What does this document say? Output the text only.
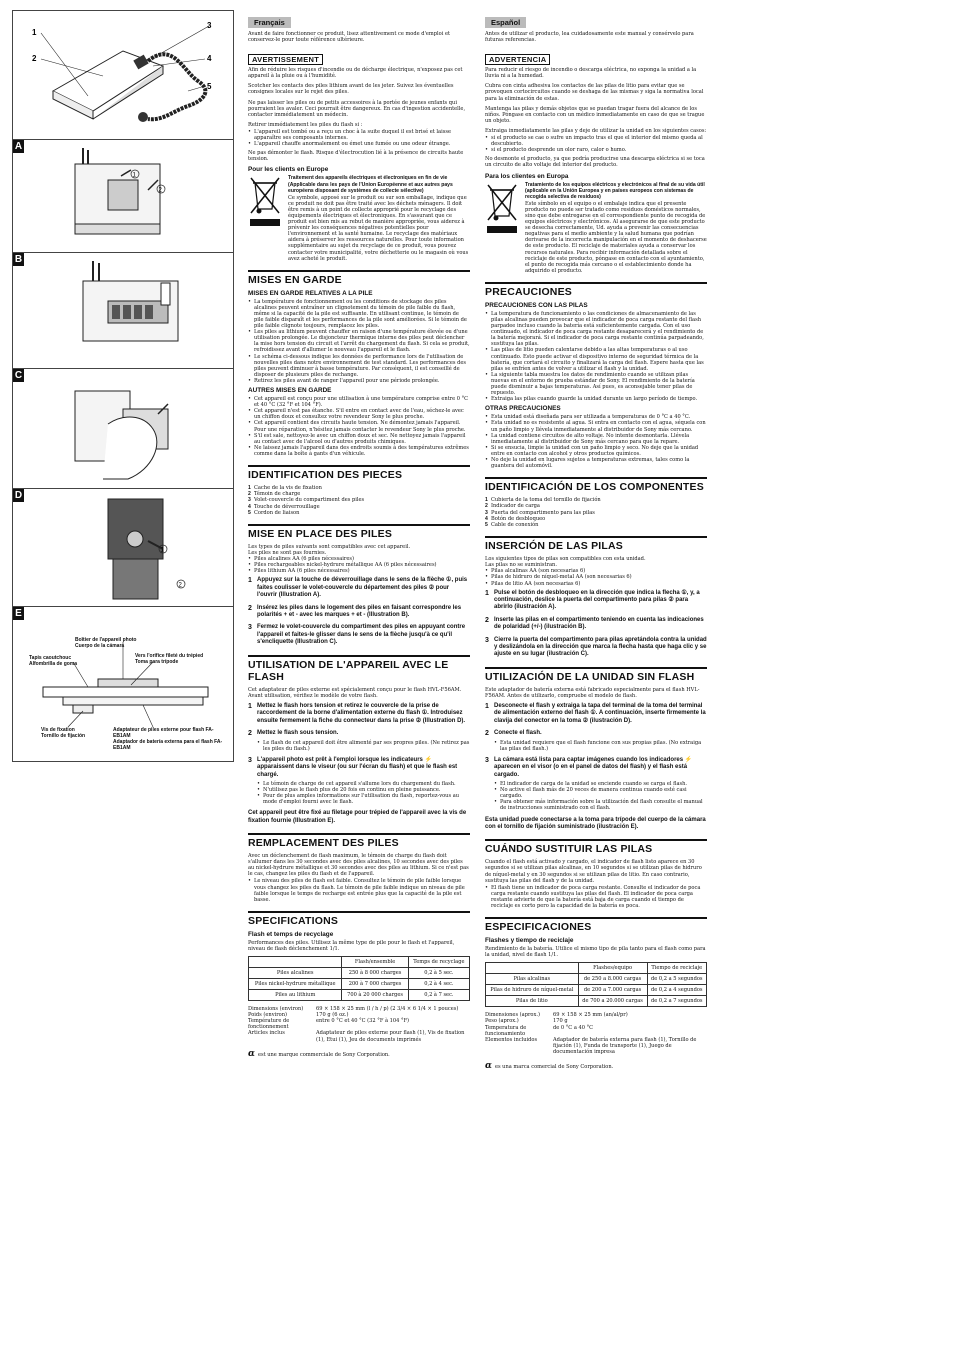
1
2
3
4
5
A
1
2
B
C
D
1
2
E
Boîtier de l'appareil photo
Cuerpo de la cámara
Tapis caoutchouc
Alfombrilla de goma
Vers l'orifice fileté du trépied
Toma para trípode
Vis de fixation
Tornillo de fijación
Adaptateur de piles externe pour flash FA-EB1AM
Adaptador de batería externa para el flash FA-EB1AM
Français

Avant de faire fonctionner ce produit, lisez attentivement ce mode d'emploi et conservez-le pour toute référence ultérieure.

AVERTISSEMENT

Afin de réduire les risques d'incendie ou de décharge électrique, n'exposez pas cet appareil à la pluie ou à l'humidité.

Scotcher les contacts des piles lithium avant de les jeter. Suivez les éventuelles consignes locales sur le rejet des piles.

Ne pas laisser les piles ou de petits accessoires à la portée de jeunes enfants qui pourraient les avaler. Ceci pourrait être dangereux. En cas d'ingestion accidentelle, contacter immédiatement un médecin.

Retirer immédiatement les piles du flash si :

• L'appareil est tombé ou a reçu un choc à la suite duquel il est brisé et laisse apparaître ses composants internes.
• L'appareil chauffe anormalement ou émet une fumée ou une odeur étrange.

Ne pas démonter le flash. Risque d'électrocution lié à la présence de circuits haute tension.

Pour les clients en Europe

Traitement des appareils électriques et électroniques en fin de vie (Applicable dans les pays de l'Union Européenne et aux autres pays européens disposant de systèmes de collecte sélective)

Ce symbole, apposé sur le produit ou sur son emballage, indique que ce produit ne doit pas être traité avec les déchets ménagers. Il doit être remis à un point de collecte approprié pour le recyclage des équipements électriques et électroniques. En s'assurant que ce produit est bien mis au rebut de manière appropriée, vous aiderez à prévenir les conséquences négatives potentielles pour l'environnement et la santé humaine. Le recyclage des matériaux aidera à préserver les ressources naturelles. Pour toute information supplémentaire au sujet du recyclage de ce produit, vous pouvez contacter votre municipalité, votre déchetterie ou le magasin où vous avez acheté le produit.

MISES EN GARDE
MISES EN GARDE RELATIVES A LA PILE
• La température de fonctionnement ou les conditions de stockage des piles alcalines peuvent entraîner un clignotement du témoin de pile faible du flash, même si la capacité de la pile est suffisante. En utilisant continue, le témoin de pile faible disparaît et les performances de la pile sont améliorées. Si le témoin de pile faible clignote toujours, remplacez les piles.
• Les piles au lithium peuvent chauffer en raison d'une température élevée ou d'une utilisation prolongée. Le disjoncteur thermique interne des piles peut déclencher la mise hors tension du circuit et l'arrêt du chargement du flash. Si cela se produit, refroidissez avant d'allumer le nouveau l'appareil et le flash.
• Le schéma ci-dessous indique les données de performance lors de l'utilisation de nouvelles piles dans notre environnement de test standard. Les performances des piles peuvent diminuer à basse température. Par conséquent, il est conseillé de disposer de plusieurs piles de rechange.
• Retirez les piles avant de ranger l'appareil pour une période prolongée.
AUTRES MISES EN GARDE
• Cet appareil est conçu pour une utilisation à une température comprise entre 0 °C et 40 °C (32 °F et 104 °F).
• Cet appareil n'est pas étanche. S'il entre en contact avec de l'eau, séchez-le avec un chiffon doux et consultez votre revendeur Sony le plus proche.
• Cet appareil contient des circuits haute tension. Ne démontez jamais l'appareil. Pour une réparation, n'hésitez jamais contacter le revendeur Sony le plus proche.
• S'il est sale, nettoyez-le avec un chiffon doux et sec. Ne nettoyez jamais l'appareil au contact avec de l'alcool ou d'autres produits chimiques.
• Ne laissez jamais l'appareil dans des endroits soumis à des températures extrêmes comme dans la boîte à gants d'un véhicule.
IDENTIFICATION DES PIECES
1 Cache de la vis de fixation
2 Témoin de charge
3 Volet-couvercle du compartiment des piles
4 Touche de déverrouillage
5 Cordon de liaison
MISE EN PLACE DES PILES

Les types de piles suivants sont compatibles avec cet appareil.

Les piles ne sont pas fournies.

• Piles alcalines AA (6 piles nécessaires)
• Piles rechargeables nickel-hydrure métallique AA (6 piles nécessaires)
• Piles lithium AA (6 piles nécessaires)
1 Appuyez sur la touche de déverrouillage dans le sens de la flèche ①, puis faites coulisser le volet-couvercle du département des piles ② pour l'ouvrir (Illustration A).
2 Insérez les piles dans le logement des piles en faisant correspondre les polarités + et - avec les marques + et - (Illustration B).
3 Fermez le volet-couvercle du compartiment des piles en appuyant contre l'appareil et faites-le glisser dans le sens de la flèche jusqu'à ce qu'il s'encliquette (Illustration C).
UTILISATION DE L'APPAREIL AVEC LE FLASH

Cet adaptateur de piles externe est spécialement conçu pour le flash HVL-F56AM. Avant utilisation, vérifiez le modèle de votre flash.

1 Mettez le flash hors tension et retirez le couvercle de la prise de raccordement de la borne d'alimentation externe du flash ①. Introduisez ensuite fermement la fiche du connecteur dans la prise ② (Illustration D).
2 Mettez le flash sous tension.
• Le flash de cet appareil doit être alimenté par ses propres piles. (Ne retirez pas les piles du flash.)
3 L'appareil photo est prêt à l'emploi lorsque les indicateurs ⚡ apparaissent dans le viseur (ou sur l'écran du flash) et que le flash est chargé.
• Le témoin de charge de cet appareil s'allume lors du chargement du flash.
• N'utilisez pas le flash plus de 20 fois en continu en pleine puissance.
• Pour de plus amples informations sur l'utilisation du flash, reportez-vous au mode d'emploi fourni avec le flash.
Cet appareil peut être fixé au filetage pour trépied de l'appareil avec la vis de fixation fournie (Illustration E).
REMPLACEMENT DES PILES

Avec un déclenchement de flash maximum, le témoin de charge du flash doit s'allumer dans les 30 secondes avec des piles alcalines, 10 secondes avec des piles au nickel-hydrure métallique et 30 secondes avec des piles au lithium. Si ce n'est pas le cas, changez les piles du flash et de l'appareil.

• Le niveau des piles de flash est faible. Consultez le témoin de pile faible lorsque vous changez les piles du flash. Le témoin de pile faible indique un niveau de pile faible lorsque le temps de recharge est entrée plus que la capacité de la pile est basse.
SPECIFICATIONS
Flash et temps de recyclage

Performances des piles. Utilisez la même type de pile pour le flash et l'appareil, niveau de flash déclenchement 1/1.

	Flash/ensemble	Temps de recyclage
Piles alcalines	250 à 8 000 charges	0,2 à 5 sec.
Piles nickel-hydrure métallique	200 à 7 000 charges	0,2 à 4 sec.
Piles au lithium	700 à 20 000 charges	0,2 à 7 sec.
Dimensions (environ)	69 × 158 × 25 mm (l / h / p) (2 3/4 × 6 1/4 × 1 pouces)
Poids (environ)	170 g (6 oz.)
Température de fonctionnement
entre 0 °C et 40 °C (32 °F à 104 °F)
Articles inclus	Adaptateur de piles externe pour flash (1), Vis de fixation (1), Etui (1), Jeu de documents imprimés
αest une marque commerciale de Sony Corporation.
Español

Antes de utilizar el producto, lea cuidadosamente este manual y consérvelo para futuras referencias.

ADVERTENCIA

Para reducir el riesgo de incendio o descarga eléctrica, no exponga la unidad a la lluvia ni a la humedad.

Cubra con cinta adhesiva los contactos de las pilas de litio para evitar que se provoquen cortocircuitos cuando se deshaga de las mismas y siga la normativa local para la eliminación de estas.

Mantenga las pilas y demás objetos que se puedan tragar fuera del alcance de los niños. Póngase en contacto con un médico inmediatamente en caso de que se trague un objeto.

Extraiga inmediatamente las pilas y deje de utilizar la unidad en los siguientes casos:

• si el producto se cae o sufre un impacto tras el que el interior del mismo queda al descubierto.
• si el producto desprende un olor raro, calor o humo.

No desmonte el producto, ya que podría producirse una descarga eléctrica si se toca un circuito de alto voltaje del interior del producto.

Para los clientes en Europa

Tratamiento de los equipos eléctricos y electrónicos al final de su vida útil (aplicable en la Unión Europea y en países europeos con sistemas de recogida selectiva de residuos)

Este símbolo en el equipo o el embalaje indica que el presente producto no puede ser tratado como residuos domésticos normales, sino que debe entregarse en el correspondiente punto de recogida de equipos eléctricos y electrónicos. Al asegurarse de que este producto se desecha correctamente, Ud. ayuda a prevenir las consecuencias negativas para el medio ambiente y la salud humana que podrían derivarse de la incorrecta manipulación en el momento de deshacerse de este producto. El reciclaje de materiales ayuda a conservar los recursos naturales. Para recibir información detallada sobre el reciclaje de este producto, póngase en contacto con el ayuntamiento, el punto de recogida más cercano o el establecimiento donde ha adquirido el producto.

PRECAUCIONES
PRECAUCIONES CON LAS PILAS
• La temperatura de funcionamiento o las condiciones de almacenamiento de las pilas alcalinas pueden provocar que el indicador de poca carga restante del flash parpadee incluso cuando la batería está suficientemente cargada. Con el uso continuado, el indicador de poca carga restante desaparecerá y el rendimiento de la batería mejorará. Si el indicador de poca carga restante continúa parpadeando, sustituya las pilas.
• Las pilas de litio pueden calentarse debido a las altas temperaturas o al uso continuado. Esto puede activar el dispositivo interno de seguridad térmica de la batería, que cortará el circuito y finalizará la carga del flash. Espere hasta que las pilas se enfríen antes de volver a utilizar el flash y la unidad.
• La siguiente tabla muestra los datos de rendimiento cuando se utilizan pilas nuevas en el entorno de prueba estándar de Sony. El rendimiento de la batería puede disminuir a bajas temperaturas. Así pues, es aconsejable tener pilas de repuesto.
• Extraiga las pilas cuando guarde la unidad durante un largo período de tiempo.
OTRAS PRECAUCIONES
• Esta unidad está diseñada para ser utilizada a temperaturas de 0 °C a 40 °C.
• Esta unidad no es resistente al agua. Si entra en contacto con el agua, séquela con un paño limpio y llévela inmediatamente al distribuidor de Sony más cercano.
• La unidad contiene circuitos de alto voltaje. No intente desmontarla. Llévela inmediatamente al distribuidor de Sony más cercano para que la repare.
• Si se ensucia, limpie la unidad con un paño limpio y seco. No deje que la unidad entre en contacto con alcohol y otros productos químicos.
• No deje la unidad en lugares sujetos a temperaturas extremas, tales como la guantera del automóvil.
IDENTIFICACIÓN DE LOS COMPONENTES
1 Cubierta de la toma del tornillo de fijación
2 Indicador de carga
3 Puerta del compartimento para las pilas
4 Botón de desbloqueo
5 Cable de conexión
INSERCIÓN DE LAS PILAS

Los siguientes tipos de pilas son compatibles con esta unidad.

Las pilas no se suministran.

• Pilas alcalinas AA (son necesarias 6)
• Pilas de hidruro de níquel-metal AA (son necesarias 6)
• Pilas de litio AA (son necesarias 6)
1 Pulse el botón de desbloqueo en la dirección que indica la flecha ①, y, a continuación, deslice la puerta del compartimento para pilas ② para abrirlo (ilustración A).
2 Inserte las pilas en el compartimento teniendo en cuenta las indicaciones de polaridad (+/-) (ilustración B).
3 Cierre la puerta del compartimento para pilas apretándola contra la unidad y deslizándola en la dirección que marca la flecha hasta que haga clic y se ajuste en su lugar (ilustración C).
UTILIZACIÓN DE LA UNIDAD SIN FLASH

Este adaptador de batería externa está fabricado especialmente para el flash HVL-F56AM. Antes de utilizarlo, compruebe el modelo de flash.

1 Desconecte el flash y extraiga la tapa del terminal de la toma del terminal de alimentación externo del flash ①. A continuación, inserte firmemente la clavija del conector en la toma ② (ilustración D).
2 Conecte el flash.
• Esta unidad requiere que el flash funcione con sus propias pilas. (No extraiga las pilas del flash.)
3 La cámara está lista para captar imágenes cuando los indicadores ⚡ aparecen en el visor (o en el panel de datos del flash) y el flash está cargado.
• El indicador de carga de la unidad se enciende cuando se carga el flash.
• No active el flash más de 20 veces de manera continua cuando esté casi cargado.
• Para obtener más información sobre la utilización del flash consulte el manual de instrucciones suministrado con el flash.
Esta unidad puede conectarse a la toma para trípode del cuerpo de la cámara con el tornillo de fijación suministrado (ilustración E).
CUÁNDO SUSTITUIR LAS PILAS

Cuando el flash está activado y cargado, el indicador de flash listo aparece en 30 segundos si se utilizan pilas alcalinas, en 10 segundos si se utilizan pilas de hidruro de níquel-metal y en 30 segundos si se utilizan pilas de litio. En caso contrario, sustituya las pilas del flash y de la unidad.

• El flash tiene un indicador de poca carga restante. Consulte el indicador de poca carga restante cuando sustituya las pilas del flash. El indicador de poca carga restante advierte de que la batería está baja de carga cuando el tiempo de reciclaje es corto pero la capacidad de la batería es poca.
ESPECIFICACIONES
Flashes y tiempo de reciclaje

Rendimiento de la batería. Utilice el mismo tipo de pila tanto para el flash como para la unidad, nivel de flash 1/1.

	Flashes/equipo	Tiempo de reciclaje
Pilas alcalinas	de 250 a 8.000 cargas	de 0,2 a 5 segundos
Pilas de hidruro de níquel-metal	de 200 a 7.000 cargas	de 0,2 a 4 segundos
Pilas de litio	de 700 a 20.000 cargas	de 0,2 a 7 segundos
Dimensiones (aprox.)	69 × 158 × 25 mm (an/al/pr)
Peso (aprox.)	170 g
Temperatura de funcionamiento
de 0 °C a 40 °C
Elementos incluidos	Adaptador de batería externa para flash (1), Tornillo de fijación (1), Funda de transporte (1), Juego de documentación impresa
αes una marca comercial de Sony Corporation.
